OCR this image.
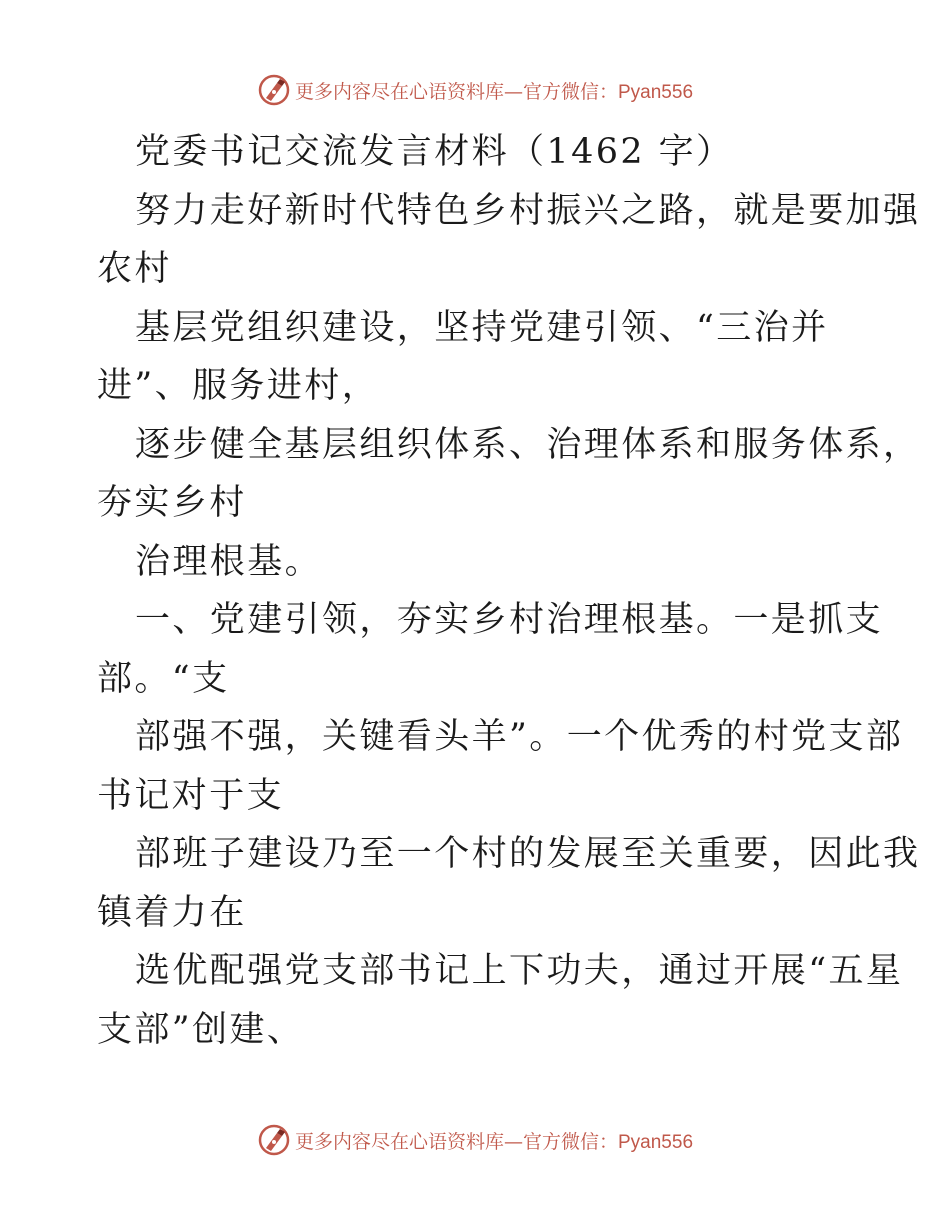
更多内容尽在心语资料库—官方微信：Pyan556
党委书记交流发言材料（1462 字）
努力走好新时代特色乡村振兴之路，就是要加强
农村
基层党组织建设，坚持党建引领、“三治并
进”、服务进村，
逐步健全基层组织体系、治理体系和服务体系，
夯实乡村
治理根基。
一、党建引领，夯实乡村治理根基。一是抓支
部。“支
部强不强，关键看头羊”。一个优秀的村党支部
书记对于支
部班子建设乃至一个村的发展至关重要，因此我
镇着力在
选优配强党支部书记上下功夫，通过开展“五星
支部”创建、
更多内容尽在心语资料库—官方微信：Pyan556
